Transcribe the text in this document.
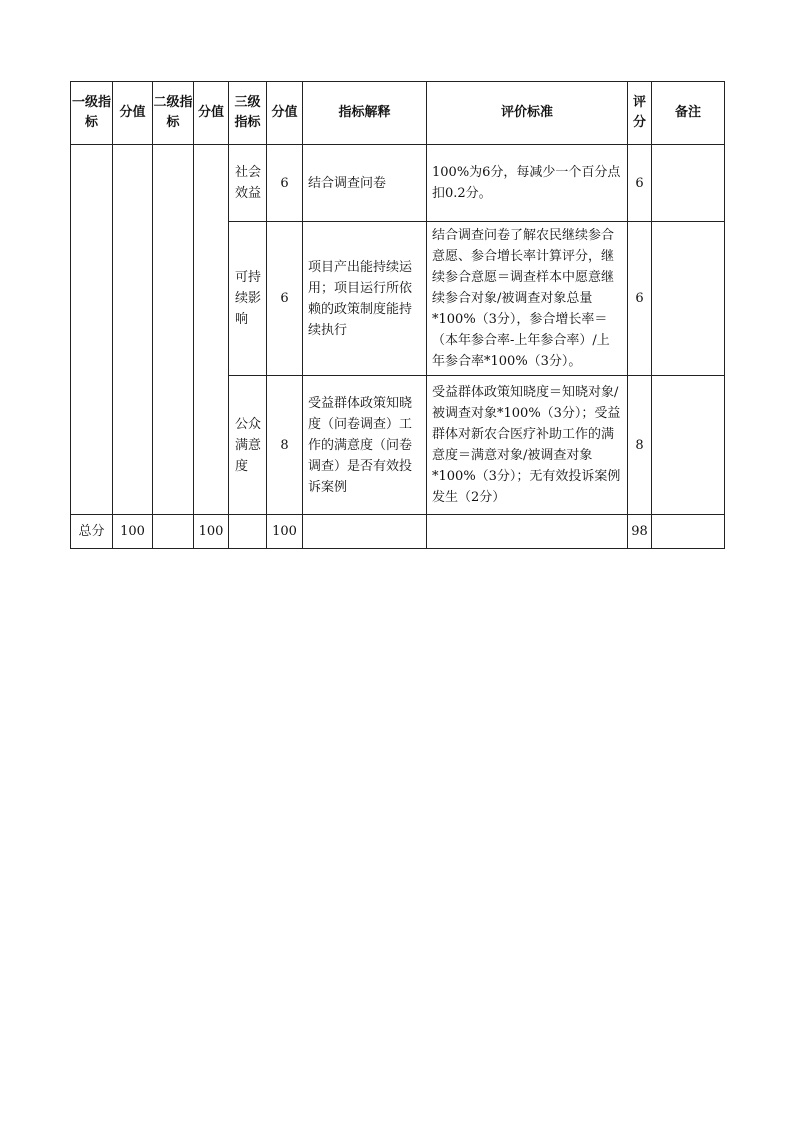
一级指标	分值	二级指标	分值	三级指标	分值	指标解释	评价标准	评分	备注
				社会效益	6	结合调查问卷	100%为6分，每减少一个百分点扣0.2分。	6	
				可持续影响	6	项目产出能持续运用；项目运行所依赖的政策制度能持续执行	结合调查问卷了解农民继续参合意愿、参合增长率计算评分，继续参合意愿＝调查样本中愿意继续参合对象/被调查对象总量*100%（3分），参合增长率＝（本年参合率-上年参合率）/上年参合率*100%（3分）。	6	
				公众满意度	8	受益群体政策知晓度（问卷调查）工作的满意度（问卷调查）是否有效投诉案例	受益群体政策知晓度＝知晓对象/被调查对象*100%（3分）；受益群体对新农合医疗补助工作的满意度＝满意对象/被调查对象*100%（3分）；无有效投诉案例发生（2分）	8	
总分	100		100		100			98	
